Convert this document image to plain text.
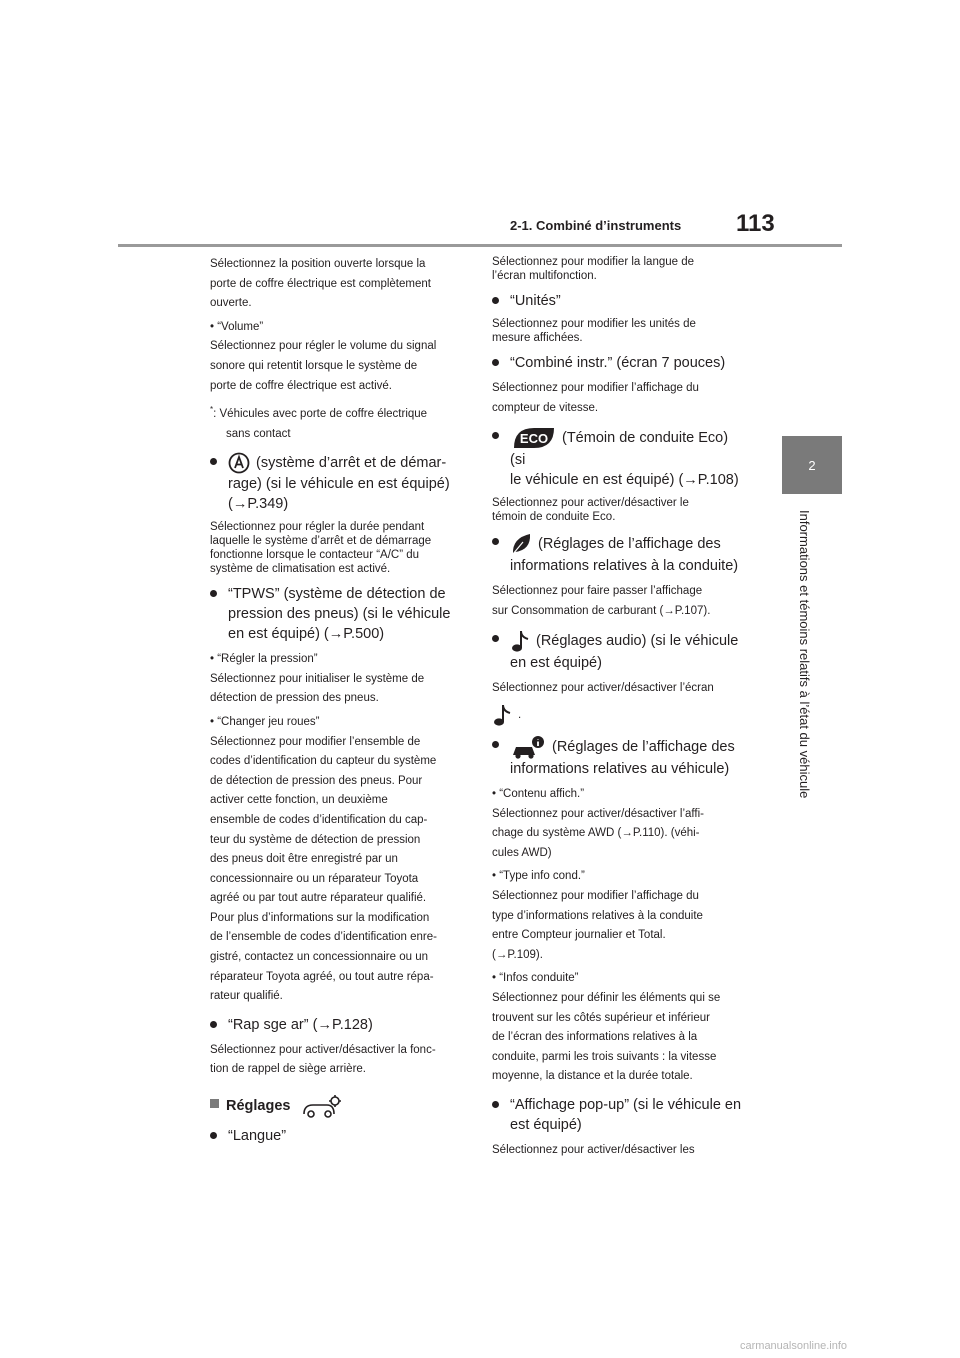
2-1. Combiné d’instruments 113
2
Informations et témoins relatifs à l’état du véhicule
Sélectionnez la position ouverte lorsque la
porte de coffre électrique est complètement
ouverte.
• “Volume”
Sélectionnez pour régler le volume du signal
sonore qui retentit lorsque le système de
porte de coffre électrique est activé.
*: Véhicules avec porte de coffre électrique
sans contact
(système d’arrêt et de démar-
rage) (si le véhicule en est équipé)
(→P.349)
Sélectionnez pour régler la durée pendant
laquelle le système d’arrêt et de démarrage
fonctionne lorsque le contacteur “A/C” du
système de climatisation est activé.
“TPWS” (système de détection de
pression des pneus) (si le véhicule
en est équipé) (→P.500)
• “Régler la pression”
Sélectionnez pour initialiser le système de
détection de pression des pneus.
• “Changer jeu roues”
Sélectionnez pour modifier l’ensemble de
codes d’identification du capteur du système
de détection de pression des pneus. Pour
activer cette fonction, un deuxième
ensemble de codes d’identification du cap-
teur du système de détection de pression
des pneus doit être enregistré par un
concessionnaire ou un réparateur Toyota
agréé ou par tout autre réparateur qualifié.
Pour plus d’informations sur la modification
de l’ensemble de codes d’identification enre-
gistré, contactez un concessionnaire ou un
réparateur Toyota agréé, ou tout autre répa-
rateur qualifié.
“Rap sge ar” (→P.128)
Sélectionnez pour activer/désactiver la fonc-
tion de rappel de siège arrière.
Réglages
“Langue”
Sélectionnez pour modifier la langue de
l’écran multifonction.
“Unités”
Sélectionnez pour modifier les unités de
mesure affichées.
“Combiné instr.” (écran 7 pouces)
Sélectionnez pour modifier l’affichage du
compteur de vitesse.
ECO (Témoin de conduite Eco) (si
le véhicule en est équipé) (→P.108)
Sélectionnez pour activer/désactiver le
témoin de conduite Eco.
(Réglages de l’affichage des
informations relatives à la conduite)
Sélectionnez pour faire passer l’affichage
sur Consommation de carburant (→P.107).
(Réglages audio) (si le véhicule
en est équipé)
Sélectionnez pour activer/désactiver l’écran
.
(Réglages de l’affichage des
informations relatives au véhicule)
• “Contenu affich.”
Sélectionnez pour activer/désactiver l’affi-
chage du système AWD (→P.110). (véhi-
cules AWD)
• “Type info cond.”
Sélectionnez pour modifier l’affichage du
type d’informations relatives à la conduite
entre Compteur journalier et Total.
(→P.109).
• “Infos conduite”
Sélectionnez pour définir les éléments qui se
trouvent sur les côtés supérieur et inférieur
de l’écran des informations relatives à la
conduite, parmi les trois suivants : la vitesse
moyenne, la distance et la durée totale.
“Affichage pop-up” (si le véhicule en
est équipé)
Sélectionnez pour activer/désactiver les
carmanualsonline.info
